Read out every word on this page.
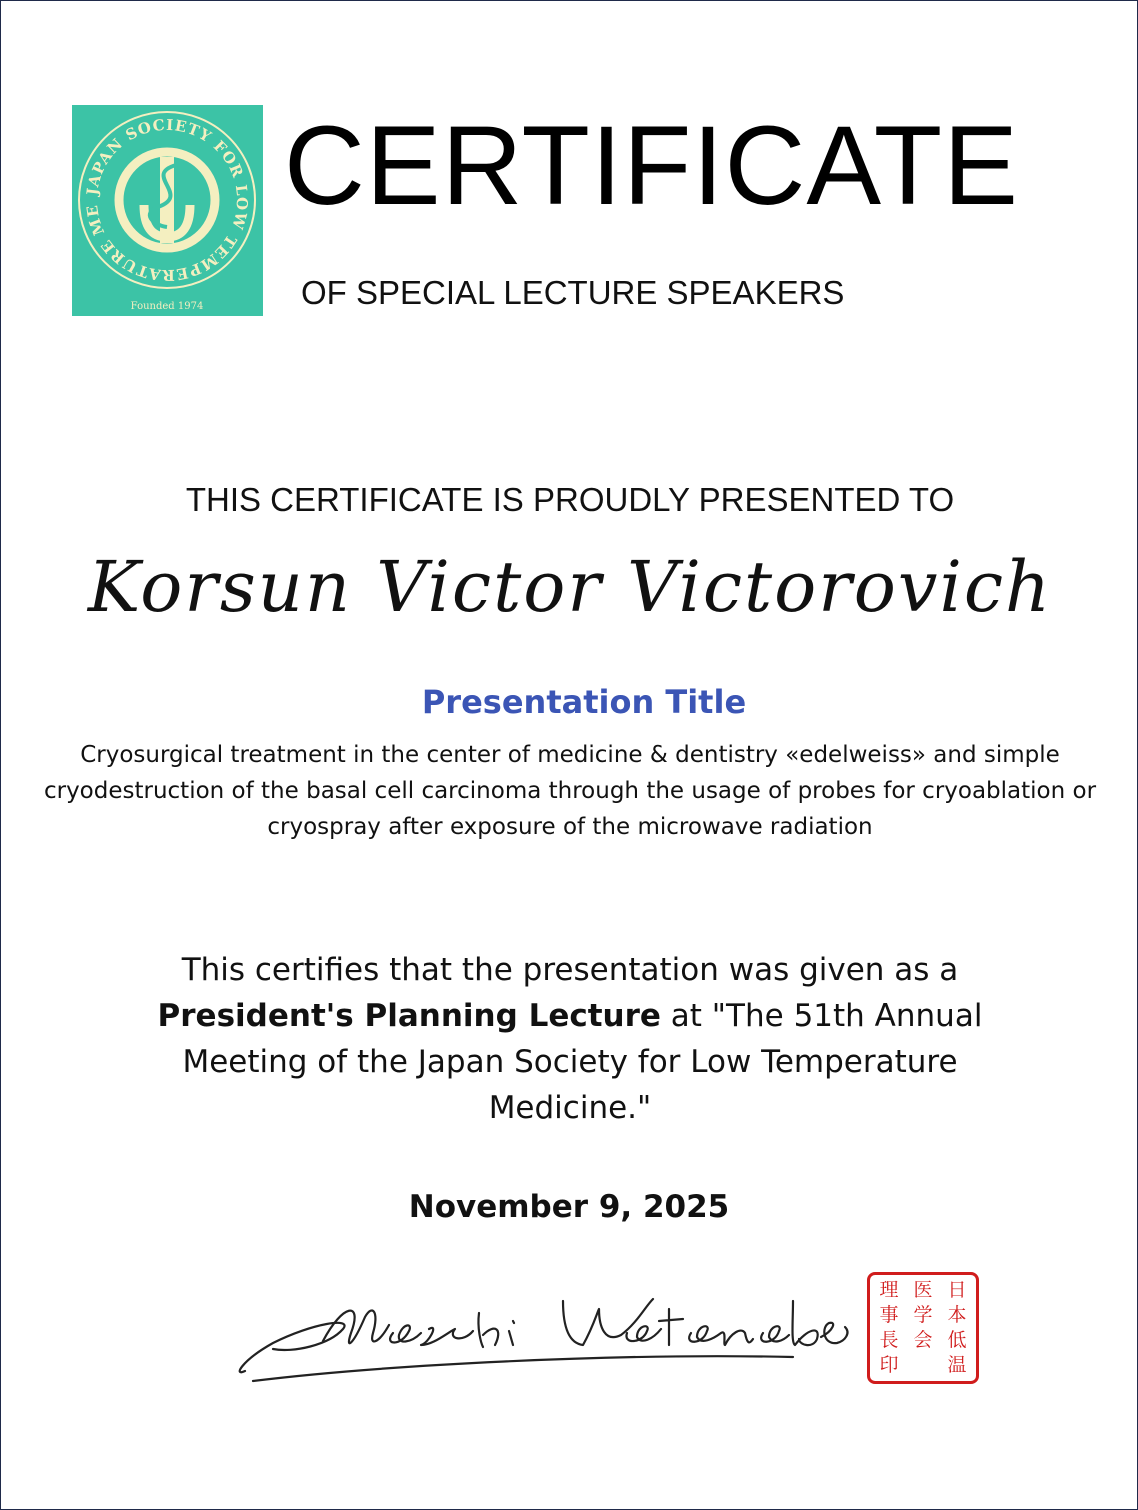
JAPAN SOCIETY FOR LOW TEMPERATURE ME
Founded 1974
CERTIFICATE
OF SPECIAL LECTURE SPEAKERS
THIS CERTIFICATE IS PROUDLY PRESENTED TO
Korsun Victor Victorovich
Presentation Title
Cryosurgical treatment in the center of medicine & dentistry «edelweiss» and simple cryodestruction of the basal cell carcinoma through the usage of probes for cryoablation or cryospray after exposure of the microwave radiation
This certifies that the presentation was given as a President's Planning Lecture at "The 51th Annual Meeting of the Japan Society for Low Temperature Medicine."
November 9, 2025
理 医 日
事 学 本
長 会 低
印	温
